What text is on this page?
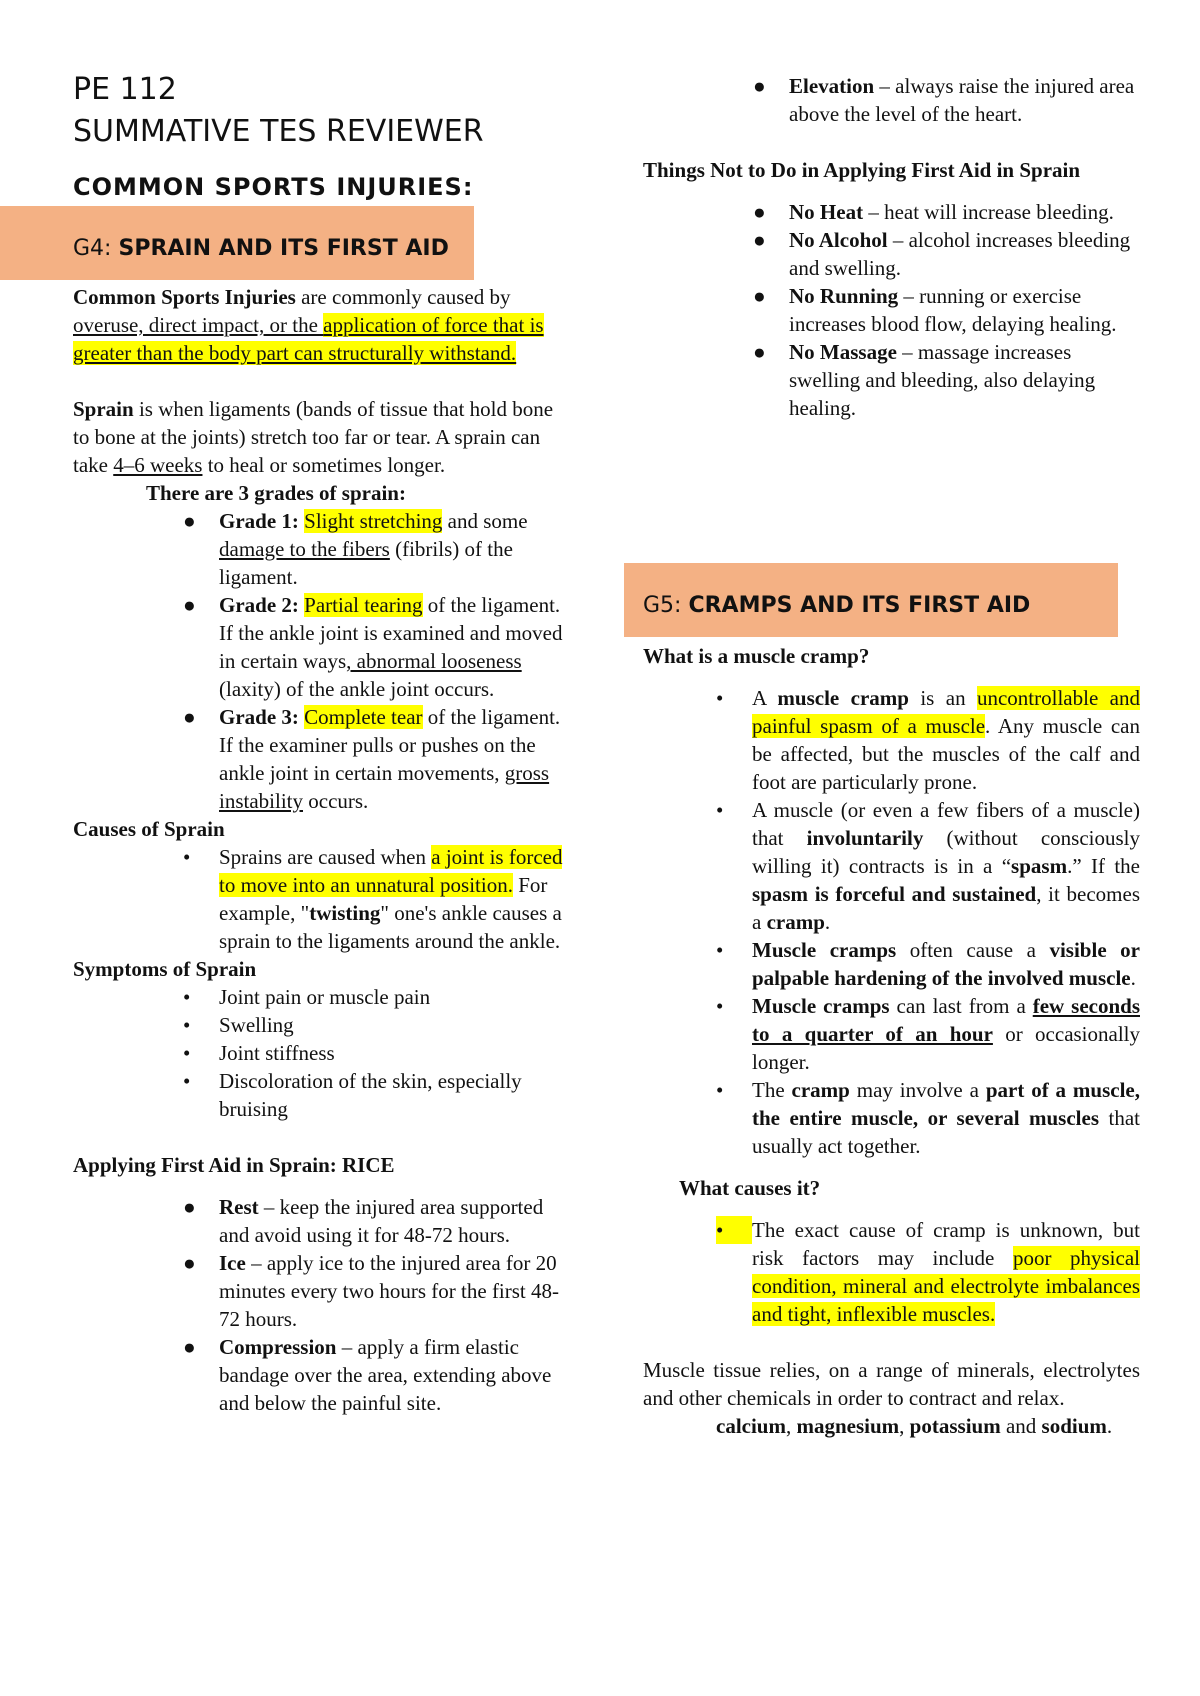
PE 112
SUMMATIVE TES REVIEWER
COMMON SPORTS INJURIES:
G4: SPRAIN AND ITS FIRST AID

Common Sports Injuries are commonly caused by overuse, direct impact, or the application of force that is greater than the body part can structurally withstand.

Sprain is when ligaments (bands of tissue that hold bone to bone at the joints) stretch too far or tear. A sprain can take 4–6 weeks to heal or sometimes longer.

There are 3 grades of sprain:

● Grade 1: Slight stretching and some damage to the fibers (fibrils) of the ligament.
● Grade 2: Partial tearing of the ligament. If the ankle joint is examined and moved in certain ways, abnormal looseness (laxity) of the ankle joint occurs.
● Grade 3: Complete tear of the ligament. If the examiner pulls or pushes on the ankle joint in certain movements, gross instability occurs.

Causes of Sprain

• Sprains are caused when a joint is forced to move into an unnatural position. For example, "twisting" one's ankle causes a sprain to the ligaments around the ankle.

Symptoms of Sprain

• Joint pain or muscle pain
• Swelling
• Joint stiffness
• Discoloration of the skin, especially bruising

Applying First Aid in Sprain: RICE

● Rest – keep the injured area supported and avoid using it for 48-72 hours.
● Ice – apply ice to the injured area for 20 minutes every two hours for the first 48-72 hours.
● Compression – apply a firm elastic bandage over the area, extending above and below the painful site.
● Elevation – always raise the injured area above the level of the heart.

Things Not to Do in Applying First Aid in Sprain

● No Heat – heat will increase bleeding.
● No Alcohol – alcohol increases bleeding and swelling.
● No Running – running or exercise increases blood flow, delaying healing.
● No Massage – massage increases swelling and bleeding, also delaying healing.
G5: CRAMPS AND ITS FIRST AID

What is a muscle cramp?

• A muscle cramp is an uncontrollable and painful spasm of a muscle. Any muscle can be affected, but the muscles of the calf and foot are particularly prone.
• A muscle (or even a few fibers of a muscle) that involuntarily (without consciously willing it) contracts is in a “spasm.” If the spasm is forceful and sustained, it becomes a cramp.
• Muscle cramps often cause a visible or palpable hardening of the involved muscle.
• Muscle cramps can last from a few seconds to a quarter of an hour or occasionally longer.
• The cramp may involve a part of a muscle, the entire muscle, or several muscles that usually act together.

What causes it?

•	The exact cause of cramp is unknown, but risk factors may include poor physical condition, mineral and electrolyte imbalances and tight, inflexible muscles.

Muscle tissue relies, on a range of minerals, electrolytes and other chemicals in order to contract and relax.

calcium, magnesium, potassium and sodium.
